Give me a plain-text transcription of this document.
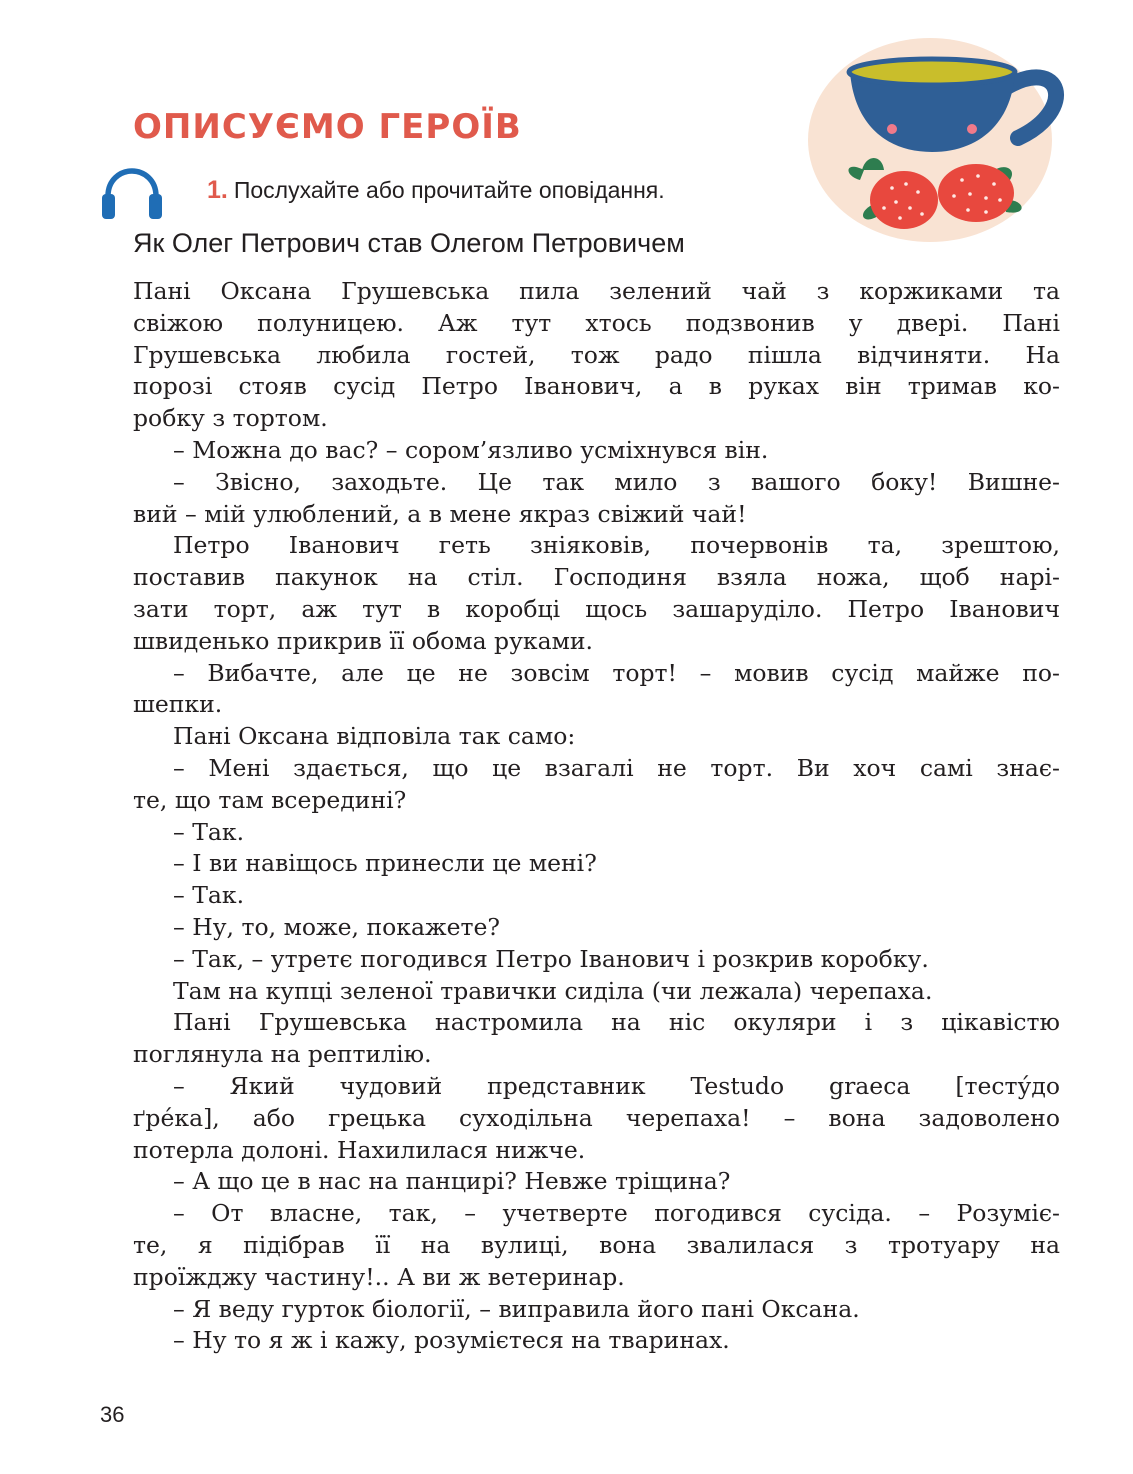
ОПИСУЄМО ГЕРОЇВ
1. Послухайте або прочитайте оповідання.
Як Олег Петрович став Олегом Петровичем
Пані Оксана Грушевська пила зелений чай з коржиками та
свіжою полуницею. Аж тут хтось подзвонив у двері. Пані
Грушевська любила гостей, тож радо пішла відчиняти. На
порозі стояв сусід Петро Іванович, а в руках він тримав ко-
робку з тортом.
– Можна до вас? – сором’язливо усміхнувся він.
– Звісно, заходьте. Це так мило з вашого боку! Вишне-
вий – мій улюблений, а в мене якраз свіжий чай!
Петро Іванович геть зніяковів, почервонів та, зрештою,
поставив пакунок на стіл. Господиня взяла ножа, щоб нарі-
зати торт, аж тут в коробці щось зашаруділо. Петро Іванович
швиденько прикрив її обома руками.
– Вибачте, але це не зовсім торт! – мовив сусід майже по-
шепки.
Пані Оксана відповіла так само:
– Мені здається, що це взагалі не торт. Ви хоч самі знає-
те, що там всередині?
– Так.
– І ви навіщось принесли це мені?
– Так.
– Ну, то, може, покажете?
– Так, – утретє погодився Петро Іванович і розкрив коробку.
Там на купці зеленої травички сиділа (чи лежала) черепаха.
Пані Грушевська настромила на ніс окуляри і з цікавістю
поглянула на рептилію.
– Який чудовий представник Testudo graeca [тесту́до
ґре́ка], або грецька суходільна черепаха! – вона задоволено
потерла долоні. Нахилилася нижче.
– А що це в нас на панцирі? Невже тріщина?
– От власне, так, – учетверте погодився сусіда. – Розуміє-
те, я підібрав її на вулиці, вона звалилася з тротуару на
проїжджу частину!.. А ви ж ветеринар.
– Я веду гурток біології, – виправила його пані Оксана.
– Ну то я ж і кажу, розумієтеся на тваринах.
36
